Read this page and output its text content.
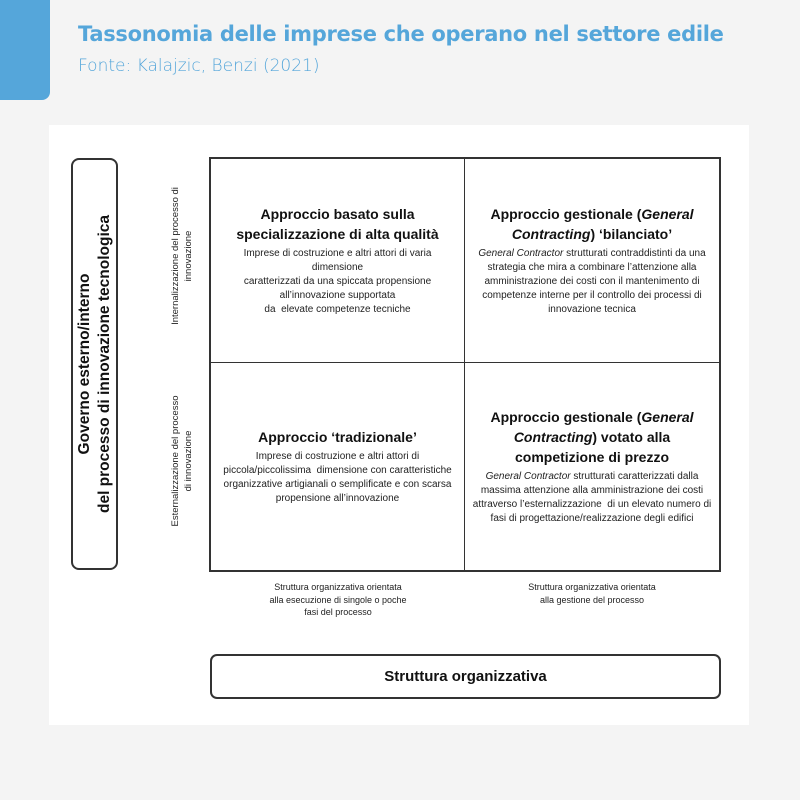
Tassonomia delle imprese che operano nel settore edile
Fonte: Kalajzic, Benzi (2021)
Governo esterno/interno
del processo di innovazione tecnologica	Internalizzazione del processo di
innovazione
Esternalizzazione del processo
di innovazione
Approccio basato sulla
specializzazione di alta qualità
Imprese di costruzione e altri attori di varia dimensione
caratterizzati da una spiccata propensione
all’innovazione supportata
da  elevate competenze tecniche
Approccio gestionale (General
Contracting) ‘bilanciato’
General Contractor strutturati contraddistinti da una
strategia che mira a combinare l’attenzione alla
amministrazione dei costi con il mantenimento di
competenze interne per il controllo dei processi di
innovazione tecnica
Approccio ‘tradizionale’
Imprese di costruzione e altri attori di
piccola/piccolissima  dimensione con caratteristiche
organizzative artigianali o semplificate e con scarsa
propensione all’innovazione
Approccio gestionale (General
Contracting) votato alla
competizione di prezzo
General Contractor strutturati caratterizzati dalla
massima attenzione alla amministrazione dei costi
attraverso l’esternalizzazione  di un elevato numero di
fasi di progettazione/realizzazione degli edifici
Struttura organizzativa orientata
alla esecuzione di singole o poche
fasi del processo
Struttura organizzativa orientata
alla gestione del processo
Struttura organizzativa
